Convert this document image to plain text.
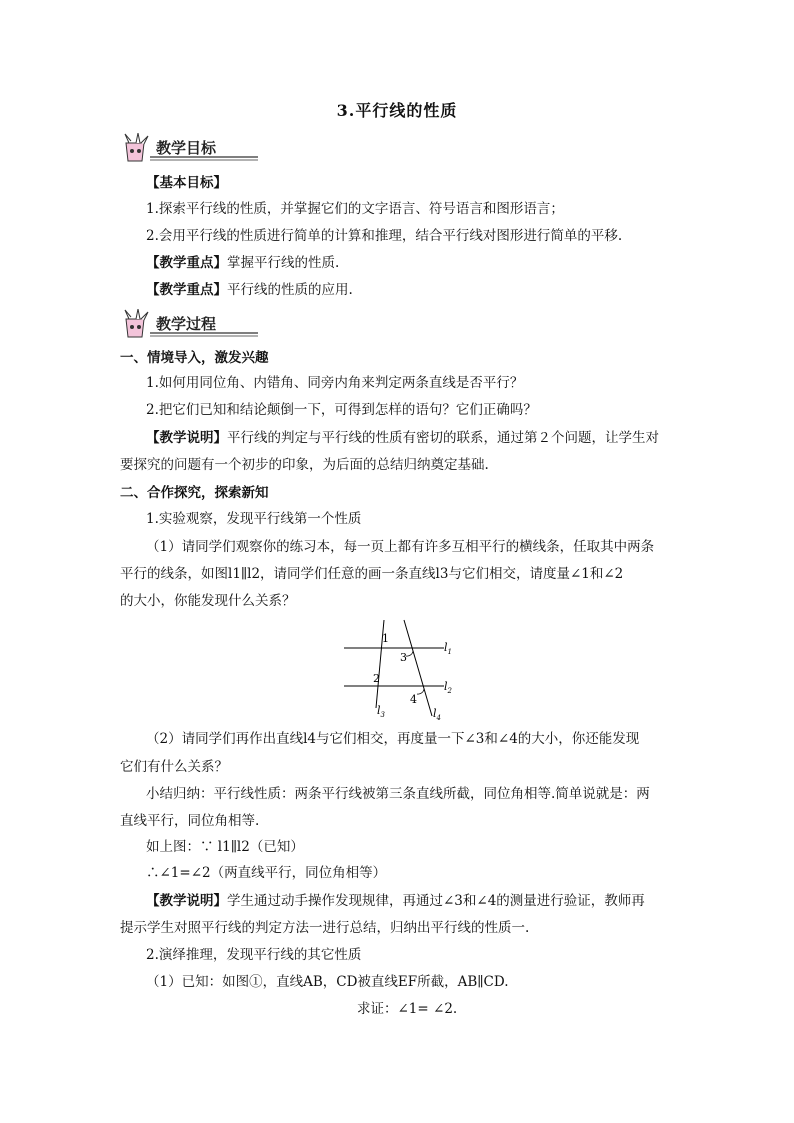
3.平行线的性质
教学目标
【基本目标】
1.探索平行线的性质，并掌握它们的文字语言、符号语言和图形语言；
2.会用平行线的性质进行简单的计算和推理，结合平行线对图形进行简单的平移.
【教学重点】掌握平行线的性质.
【教学重点】平行线的性质的应用.
教学过程
一、情境导入，激发兴趣
1.如何用同位角、内错角、同旁内角来判定两条直线是否平行？
2.把它们已知和结论颠倒一下，可得到怎样的语句？它们正确吗？
【教学说明】平行线的判定与平行线的性质有密切的联系，通过第２个问题，让学生对
要探究的问题有一个初步的印象，为后面的总结归纳奠定基础.
二、合作探究，探索新知
1.实验观察，发现平行线第一个性质
（1）请同学们观察你的练习本，每一页上都有许多互相平行的横线条，任取其中两条
平行的线条，如图l1∥l2，请同学们任意的画一条直线l3与它们相交，请度量∠1和∠2
的大小，你能发现什么关系？
1
2
3
4
$l_1$
$l_2$
$l_3$	$l_4$
（2）请同学们再作出直线l4与它们相交，再度量一下∠3和∠4的大小，你还能发现
它们有什么关系？
小结归纳：平行线性质：两条平行线被第三条直线所截，同位角相等.简单说就是：两
直线平行，同位角相等.
如上图：∵ l1∥l2（已知）
∴∠1=∠2（两直线平行，同位角相等）
【教学说明】学生通过动手操作发现规律，再通过∠3和∠4的测量进行验证，教师再
提示学生对照平行线的判定方法一进行总结，归纳出平行线的性质一.
2.演绎推理，发现平行线的其它性质
（1）已知：如图①，直线AB，CD被直线EF所截，AB∥CD.
求证：∠1= ∠2.
